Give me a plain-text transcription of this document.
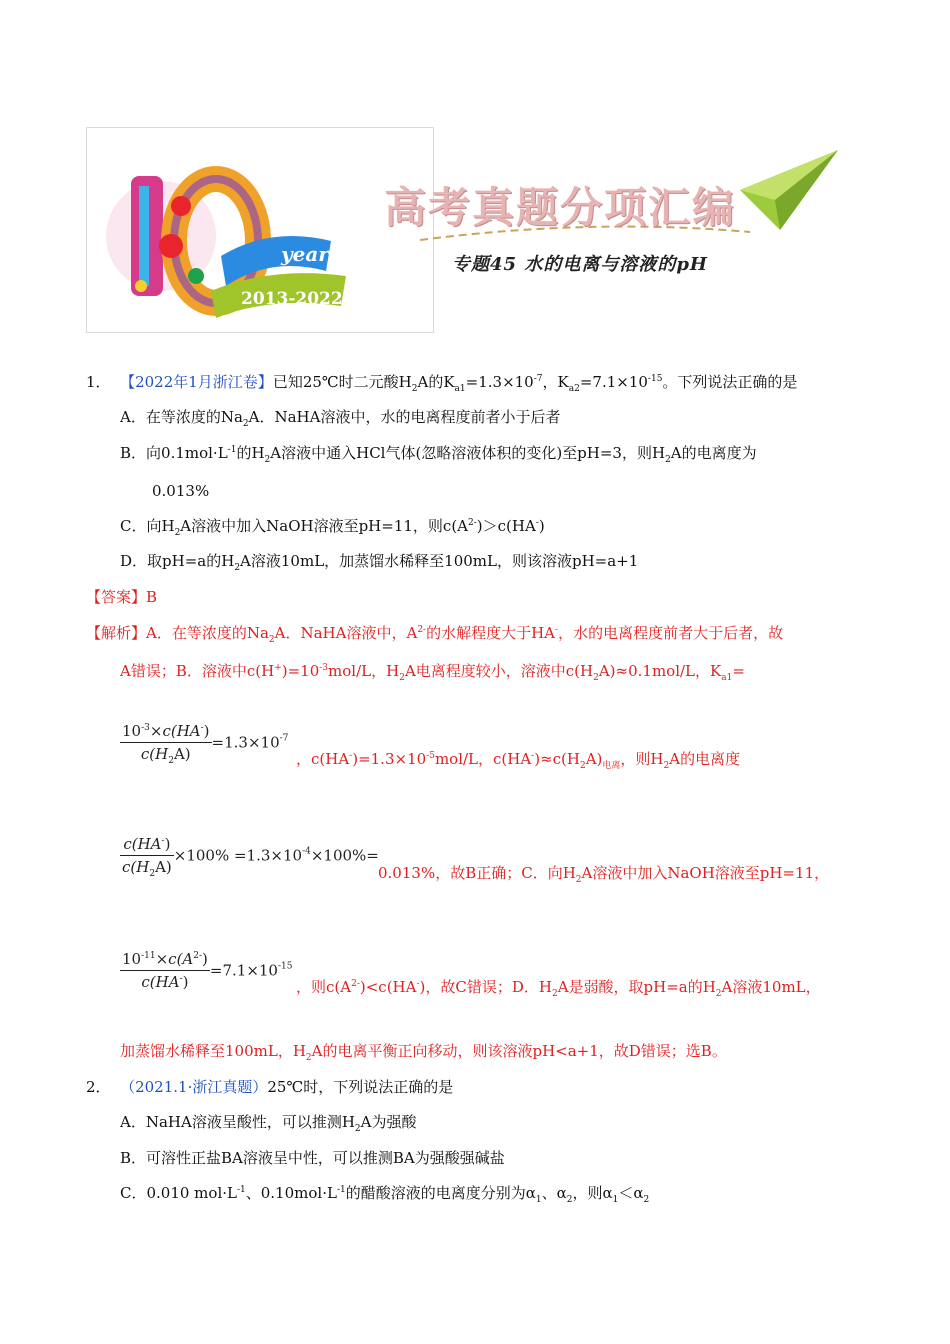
years
2013-2022
高考真题分项汇编
专题45 水的电离与溶液的pH
1． 【2022年1月浙江卷】已知25℃时二元酸$H_2A$的$K_{a1}=1.3\times 10^{-7}$，$K_{a2}=7.1\times 10^{-15}$。下列说法正确的是
A．在等浓度的$Na_2A$．NaHA溶液中，水的电离程度前者小于后者
B．向$0.1mol\cdot L^{-1}$的$H_2A$溶液中通入HCl气体(忽略溶液体积的变化)至pH=3，则$H_2A$的电离度为
0.013%
C．向$H_2A$溶液中加入NaOH溶液至pH=11，则$c(A^{2-})>c(HA^-)$
D．取pH=a的$H_2A$溶液10mL，加蒸馏水稀释至100mL，则该溶液pH=a+1
【答案】B
【解析】A．在等浓度的$Na_2A$．NaHA溶液中，$A^{2-}$的水解程度大于HA-，水的电离程度前者大于后者，故
A错误；B．溶液中$c(H^+)=10^{-3}mol/L$，$H_2A$电离程度较小，溶液中$c(H_2A)\approx 0.1mol/L$，$K_{a1}=$
$\frac{10^{-3}\times c(HA^-)}{c(H_2A)} =1.3\times 10^{-7}$
，$c(HA^-)=1.3\times 10^{-5}mol/L$，$c(HA^-)\approx c(H_2A)_{电离}$，则$H_2A$的电离度
$\frac{c(HA^-)}{c(H_2A)} \times 100\% =1.3\times 10^{-4}\times 100\%=$
0.013%，故B正确；C．向$H_2A$溶液中加入NaOH溶液至pH=11，
$\frac{10^{-11}\times c(A^{2-})}{c(HA^-)} =7.1\times 10^{-15}$
，则$c(A^{2-})<c(HA^-)$，故C错误；D．$H_2A$是弱酸，取pH=a的$H_2A$溶液10mL，
加蒸馏水稀释至100mL，$H_2A$的电离平衡正向移动，则该溶液pH<a+1，故D错误；选B。
2． （2021.1·浙江真题）25℃时，下列说法正确的是
A．NaHA溶液呈酸性，可以推测$H_2A$为强酸
B．可溶性正盐BA溶液呈中性，可以推测BA为强酸强碱盐
C．0.010 $mol\cdot L^{-1}$、$0.10mol\cdot L^{-1}$的醋酸溶液的电离度分别为$\alpha_1$、$\alpha_2$，则$\alpha_1<\alpha_2$
